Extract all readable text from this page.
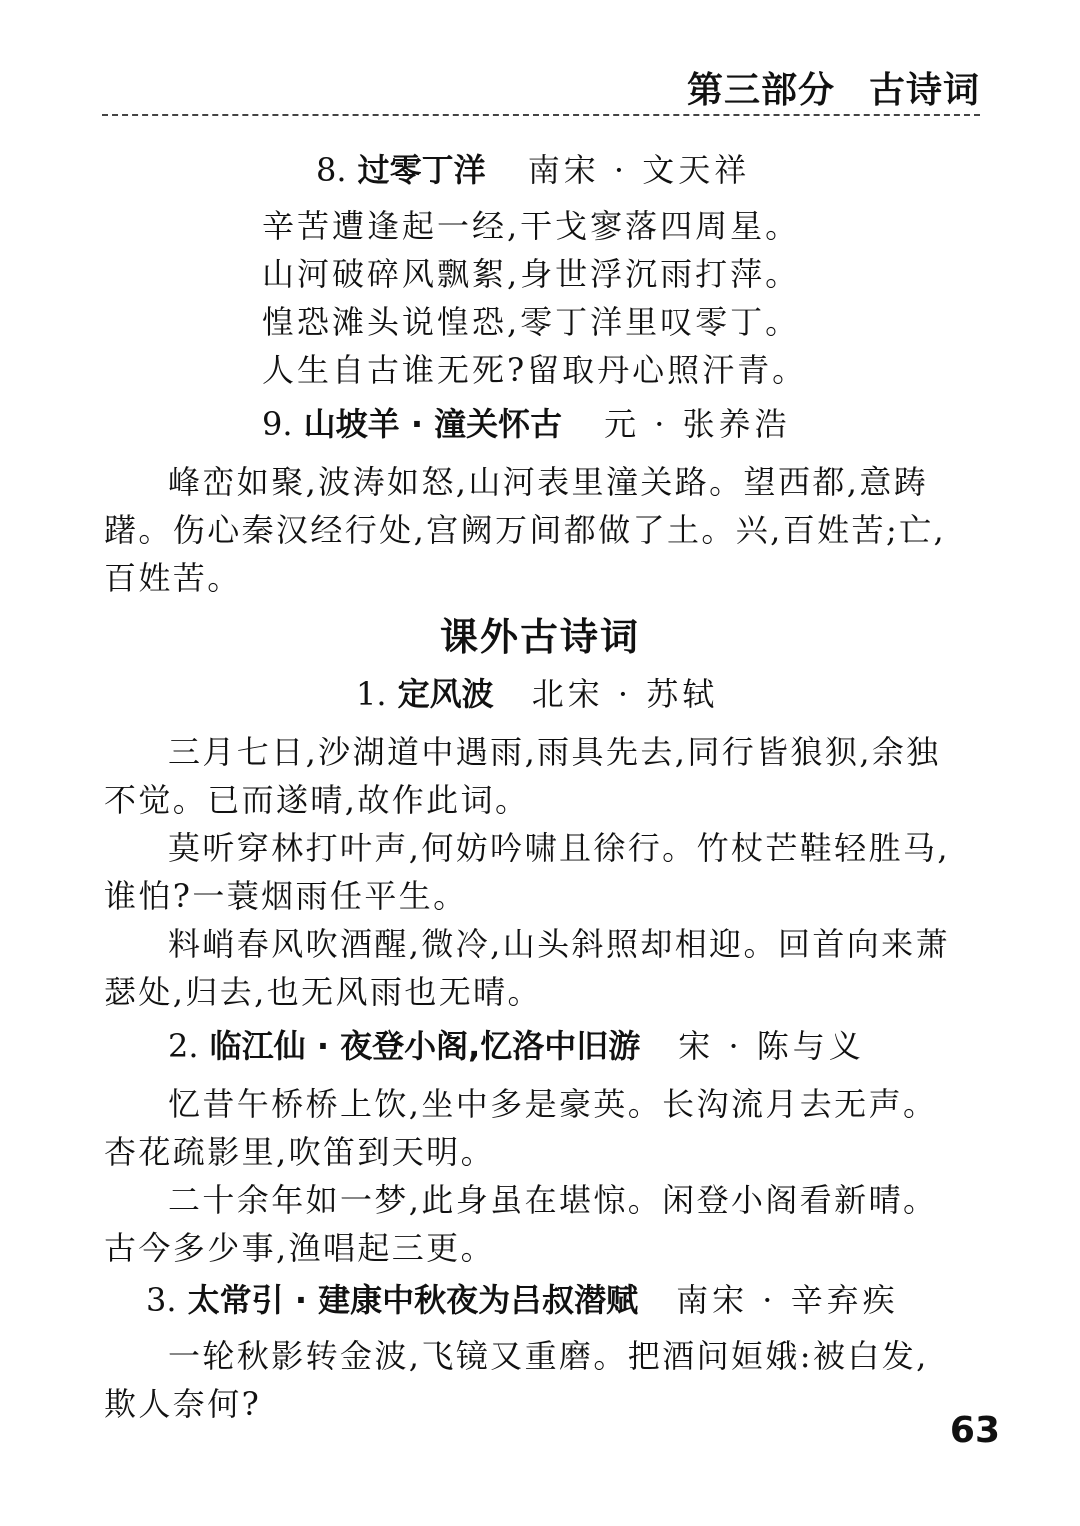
第三部分 古诗词
8. 过零丁洋 南宋 · 文天祥
辛苦遭逢起一经,干戈寥落四周星。
山河破碎风飘絮,身世浮沉雨打萍。
惶恐滩头说惶恐,零丁洋里叹零丁。
人生自古谁无死?留取丹心照汗青。
9. 山坡羊 · 潼关怀古 元 · 张养浩
峰峦如聚,波涛如怒,山河表里潼关路。望西都,意踌
躇。伤心秦汉经行处,宫阙万间都做了土。兴,百姓苦;亡,
百姓苦。
课外古诗词
1. 定风波 北宋 · 苏轼
三月七日,沙湖道中遇雨,雨具先去,同行皆狼狈,余独
不觉。已而遂晴,故作此词。
莫听穿林打叶声,何妨吟啸且徐行。竹杖芒鞋轻胜马,
谁怕?一蓑烟雨任平生。
料峭春风吹酒醒,微冷,山头斜照却相迎。回首向来萧
瑟处,归去,也无风雨也无晴。
2. 临江仙 · 夜登小阁,忆洛中旧游 宋 · 陈与义
忆昔午桥桥上饮,坐中多是豪英。长沟流月去无声。
杏花疏影里,吹笛到天明。
二十余年如一梦,此身虽在堪惊。闲登小阁看新晴。
古今多少事,渔唱起三更。
3. 太常引 · 建康中秋夜为吕叔潜赋 南宋 · 辛弃疾
一轮秋影转金波,飞镜又重磨。把酒问姮娥:被白发,
欺人奈何?
63
